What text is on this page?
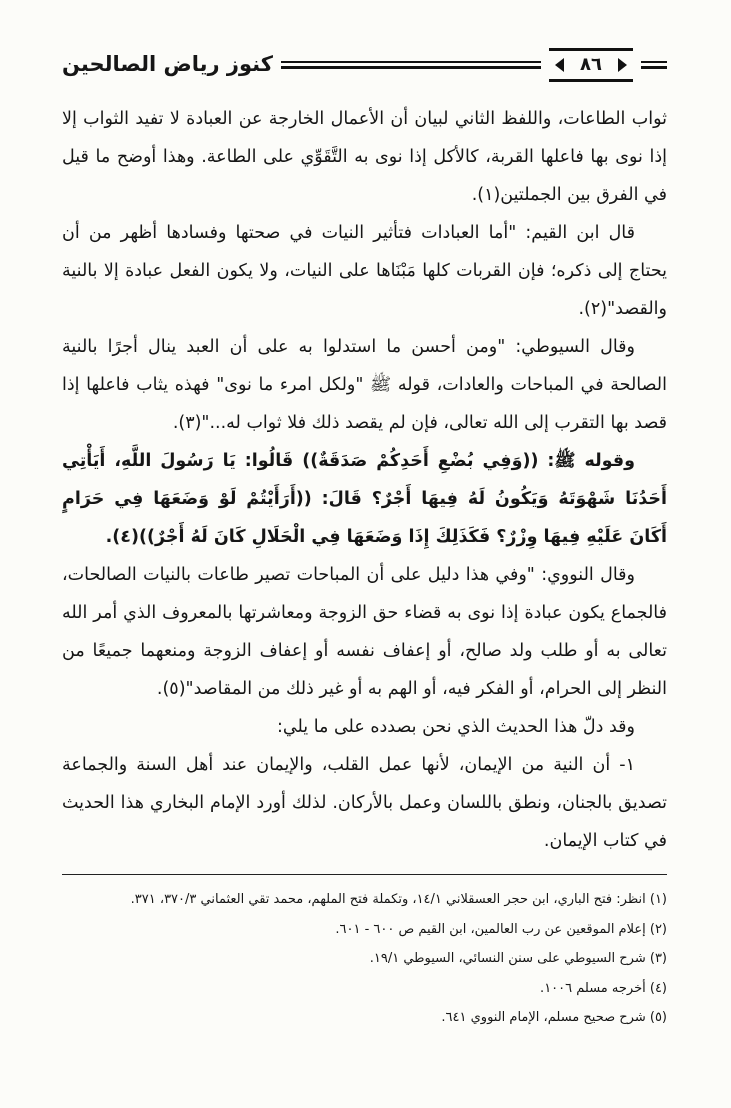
كنوز رياض الصالحين	٨٦

ثواب الطاعات، واللفظ الثاني لبيان أن الأعمال الخارجة عن العبادة لا تفيد الثواب إلا إذا نوى بها فاعلها القربة، كالأكل إذا نوى به التَّقَوِّي على الطاعة. وهذا أوضح ما قيل في الفرق بين الجملتين(١).

قال ابن القيم: "أما العبادات فتأثير النيات في صحتها وفسادها أظهر من أن يحتاج إلى ذكره؛ فإن القربات كلها مَبْنَاها على النيات، ولا يكون الفعل عبادة إلا بالنية والقصد"(٢).

وقال السيوطي: "ومن أحسن ما استدلوا به على أن العبد ينال أجرًا بالنية الصالحة في المباحات والعادات، قوله ﷺ "ولكل امرء ما نوى" فهذه يثاب فاعلها إذا قصد بها التقرب إلى الله تعالى، فإن لم يقصد ذلك فلا ثواب له..."(٣).

وقوله ﷺ: ((وَفِي بُضْعِ أَحَدِكُمْ صَدَقَةٌ)) قَالُوا: يَا رَسُولَ اللَّهِ، أَيَأْتِي أَحَدُنَا شَهْوَتَهُ وَيَكُونُ لَهُ فِيهَا أَجْرٌ؟ قَالَ: ((أَرَأَيْتُمْ لَوْ وَضَعَهَا فِي حَرَامٍ أَكَانَ عَلَيْهِ فِيهَا وِزْرٌ؟ فَكَذَلِكَ إِذَا وَضَعَهَا فِي الْحَلَالِ كَانَ لَهُ أَجْرٌ))(٤).

وقال النووي: "وفي هذا دليل على أن المباحات تصير طاعات بالنيات الصالحات، فالجماع يكون عبادة إذا نوى به قضاء حق الزوجة ومعاشرتها بالمعروف الذي أمر الله تعالى به أو طلب ولد صالح، أو إعفاف نفسه أو إعفاف الزوجة ومنعهما جميعًا من النظر إلى الحرام، أو الفكر فيه، أو الهم به أو غير ذلك من المقاصد"(٥).

وقد دلّ هذا الحديث الذي نحن بصدده على ما يلي:

١- أن النية من الإيمان، لأنها عمل القلب، والإيمان عند أهل السنة والجماعة تصديق بالجنان، ونطق باللسان وعمل بالأركان. لذلك أورد الإمام البخاري هذا الحديث في كتاب الإيمان.

(١) انظر: فتح الباري، ابن حجر العسقلاني ١٤/١، وتكملة فتح الملهم، محمد تقي العثماني ٣٧٠/٣، ٣٧١.
(٢) إعلام الموقعين عن رب العالمين، ابن القيم ص ٦٠٠ - ٦٠١.
(٣) شرح السيوطي على سنن النسائي، السيوطي ١٩/١.
(٤) أخرجه مسلم ١٠٠٦.
(٥) شرح صحيح مسلم، الإمام النووي ٦٤١.
